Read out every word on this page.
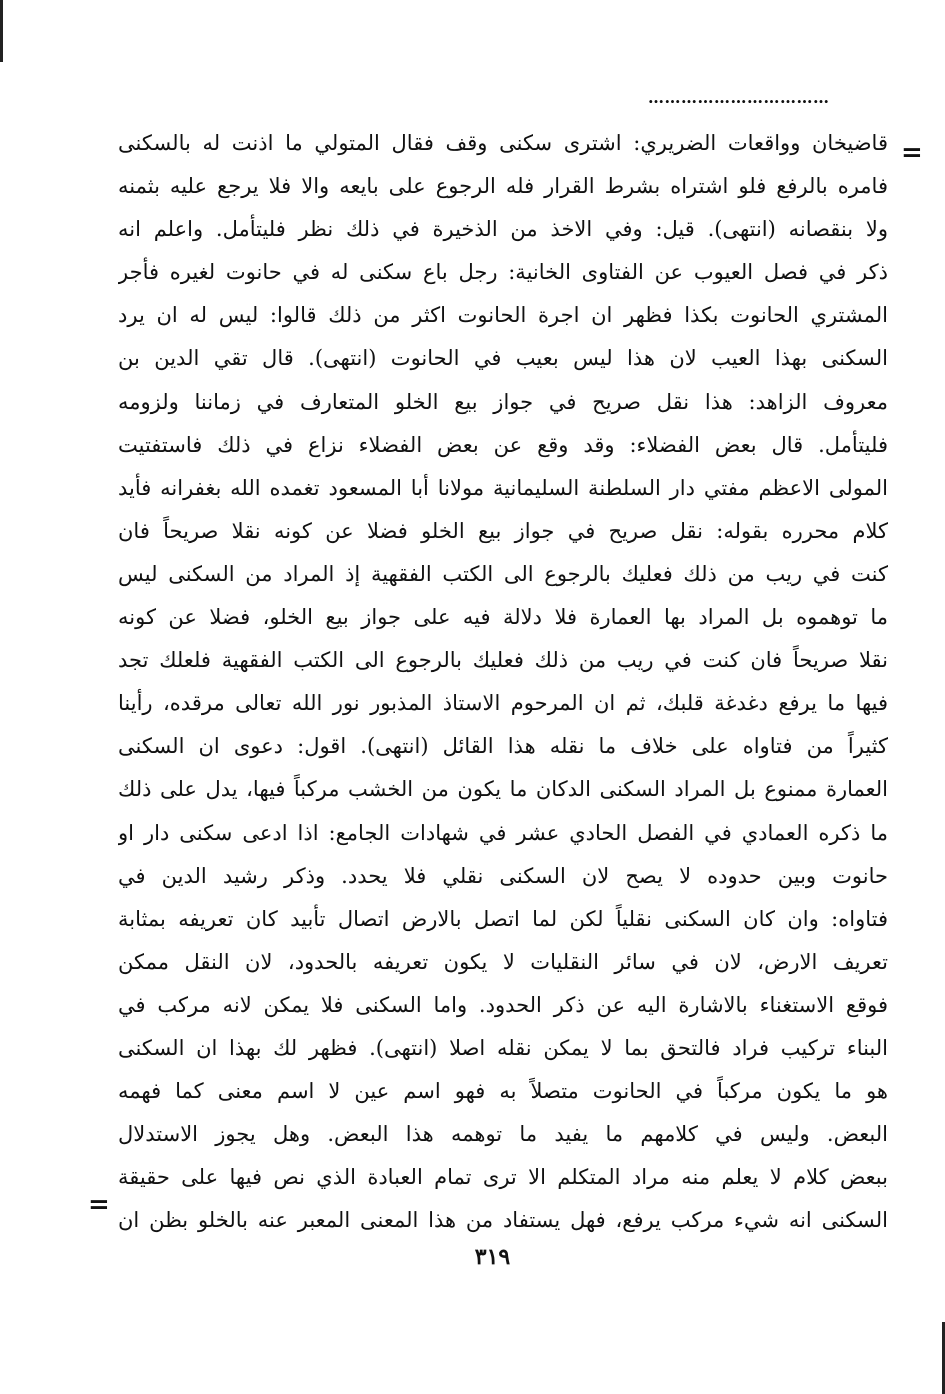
……………………………
=
قاضيخان وواقعات الضريري: اشترى سكنى وقف فقال المتولي ما اذنت له بالسكنى
فامره بالرفع فلو اشتراه بشرط القرار فله الرجوع على بايعه والا فلا يرجع عليه بثمنه
ولا بنقصانه (انتهى). قيل: وفي الاخذ من الذخيرة في ذلك نظر فليتأمل. واعلم انه
ذكر في فصل العيوب عن الفتاوى الخانية: رجل باع سكنى له في حانوت لغيره فأجر
المشتري الحانوت بكذا فظهر ان اجرة الحانوت اكثر من ذلك قالوا: ليس له ان يرد
السكنى بهذا العيب لان هذا ليس بعيب في الحانوت (انتهى). قال تقي الدين بن
معروف الزاهد: هذا نقل صريح في جواز بيع الخلو المتعارف في زماننا ولزومه
فليتأمل. قال بعض الفضلاء: وقد وقع عن بعض الفضلاء نزاع في ذلك فاستفتيت
المولى الاعظم مفتي دار السلطنة السليمانية مولانا أبا المسعود تغمده الله بغفرانه فأيد
كلام محرره بقوله: نقل صريح في جواز بيع الخلو فضلا عن كونه نقلا صريحاً فان
كنت في ريب من ذلك فعليك بالرجوع الى الكتب الفقهية إذ المراد من السكنى ليس
ما توهموه بل المراد بها العمارة فلا دلالة فيه على جواز بيع الخلو، فضلا عن كونه
نقلا صريحاً فان كنت في ريب من ذلك فعليك بالرجوع الى الكتب الفقهية فلعلك تجد
فيها ما يرفع دغدغة قلبك، ثم ان المرحوم الاستاذ المذبور نور الله تعالى مرقده، رأينا
كثيراً من فتاواه على خلاف ما نقله هذا القائل (انتهى). اقول: دعوى ان السكنى
العمارة ممنوع بل المراد السكنى الدكان ما يكون من الخشب مركباً فيها، يدل على ذلك
ما ذكره العمادي في الفصل الحادي عشر في شهادات الجامع: اذا ادعى سكنى دار او
حانوت وبين حدوده لا يصح لان السكنى نقلي فلا يحدد. وذكر رشيد الدين في
فتاواه: وان كان السكنى نقلياً لكن لما اتصل بالارض اتصال تأبيد كان تعريفه بمثابة
تعريف الارض، لان في سائر النقليات لا يكون تعريفه بالحدود، لان النقل ممكن
فوقع الاستغناء بالاشارة اليه عن ذكر الحدود. واما السكنى فلا يمكن لانه مركب في
البناء تركيب فراد فالتحق بما لا يمكن نقله اصلا (انتهى). فظهر لك بهذا ان السكنى
هو ما يكون مركباً في الحانوت متصلاً به فهو اسم عين لا اسم معنى كما فهمه
البعض. وليس في كلامهم ما يفيد ما توهمه هذا البعض. وهل يجوز الاستدلال
ببعض كلام لا يعلم منه مراد المتكلم الا ترى تمام العبادة الذي نص فيها على حقيقة
السكنى انه شيء مركب يرفع، فهل يستفاد من هذا المعنى المعبر عنه بالخلو بظن ان
=
٣١٩
